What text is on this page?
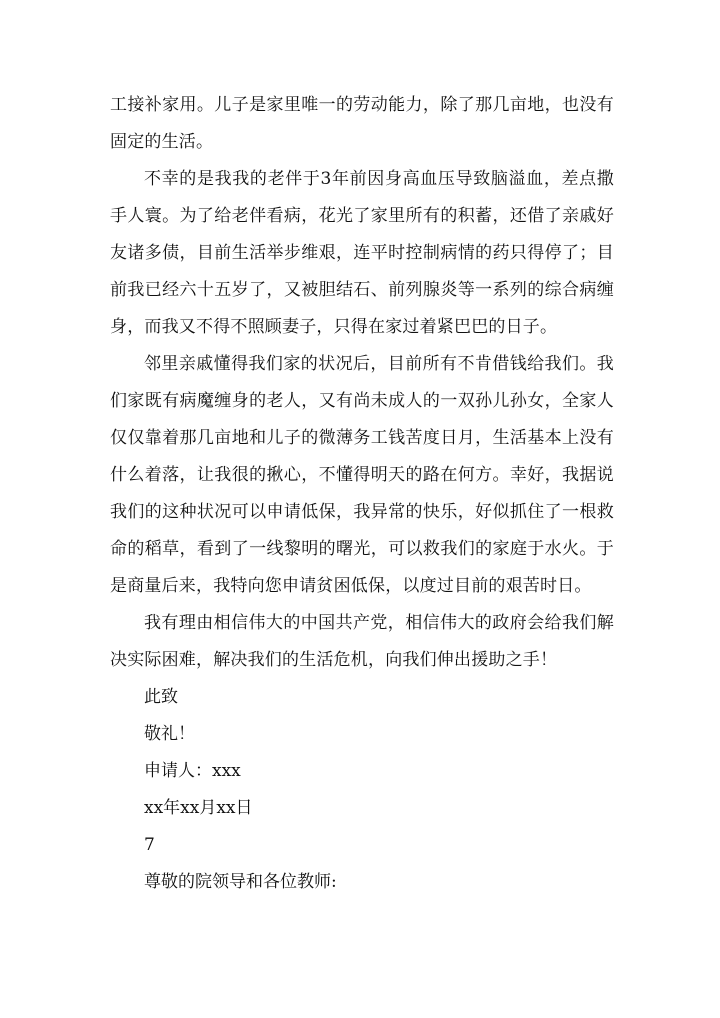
工接补家用。儿子是家里唯一的劳动能力，除了那几亩地，也没有固定的生活。

不幸的是我我的老伴于3年前因身高血压导致脑溢血，差点撒手人寰。为了给老伴看病，花光了家里所有的积蓄，还借了亲戚好友诸多债，目前生活举步维艰，连平时控制病情的药只得停了；目前我已经六十五岁了，又被胆结石、前列腺炎等一系列的综合病缠身，而我又不得不照顾妻子，只得在家过着紧巴巴的日子。

邻里亲戚懂得我们家的状况后，目前所有不肯借钱给我们。我们家既有病魔缠身的老人，又有尚未成人的一双孙儿孙女，全家人仅仅靠着那几亩地和儿子的微薄务工钱苦度日月，生活基本上没有什么着落，让我很的揪心，不懂得明天的路在何方。幸好，我据说我们的这种状况可以申请低保，我异常的快乐，好似抓住了一根救命的稻草，看到了一线黎明的曙光，可以救我们的家庭于水火。于是商量后来，我特向您申请贫困低保，以度过目前的艰苦时日。

我有理由相信伟大的中国共产党，相信伟大的政府会给我们解决实际困难，解决我们的生活危机，向我们伸出援助之手！

此致

敬礼！

申请人：xxx

xx年xx月xx日

7

尊敬的院领导和各位教师:
